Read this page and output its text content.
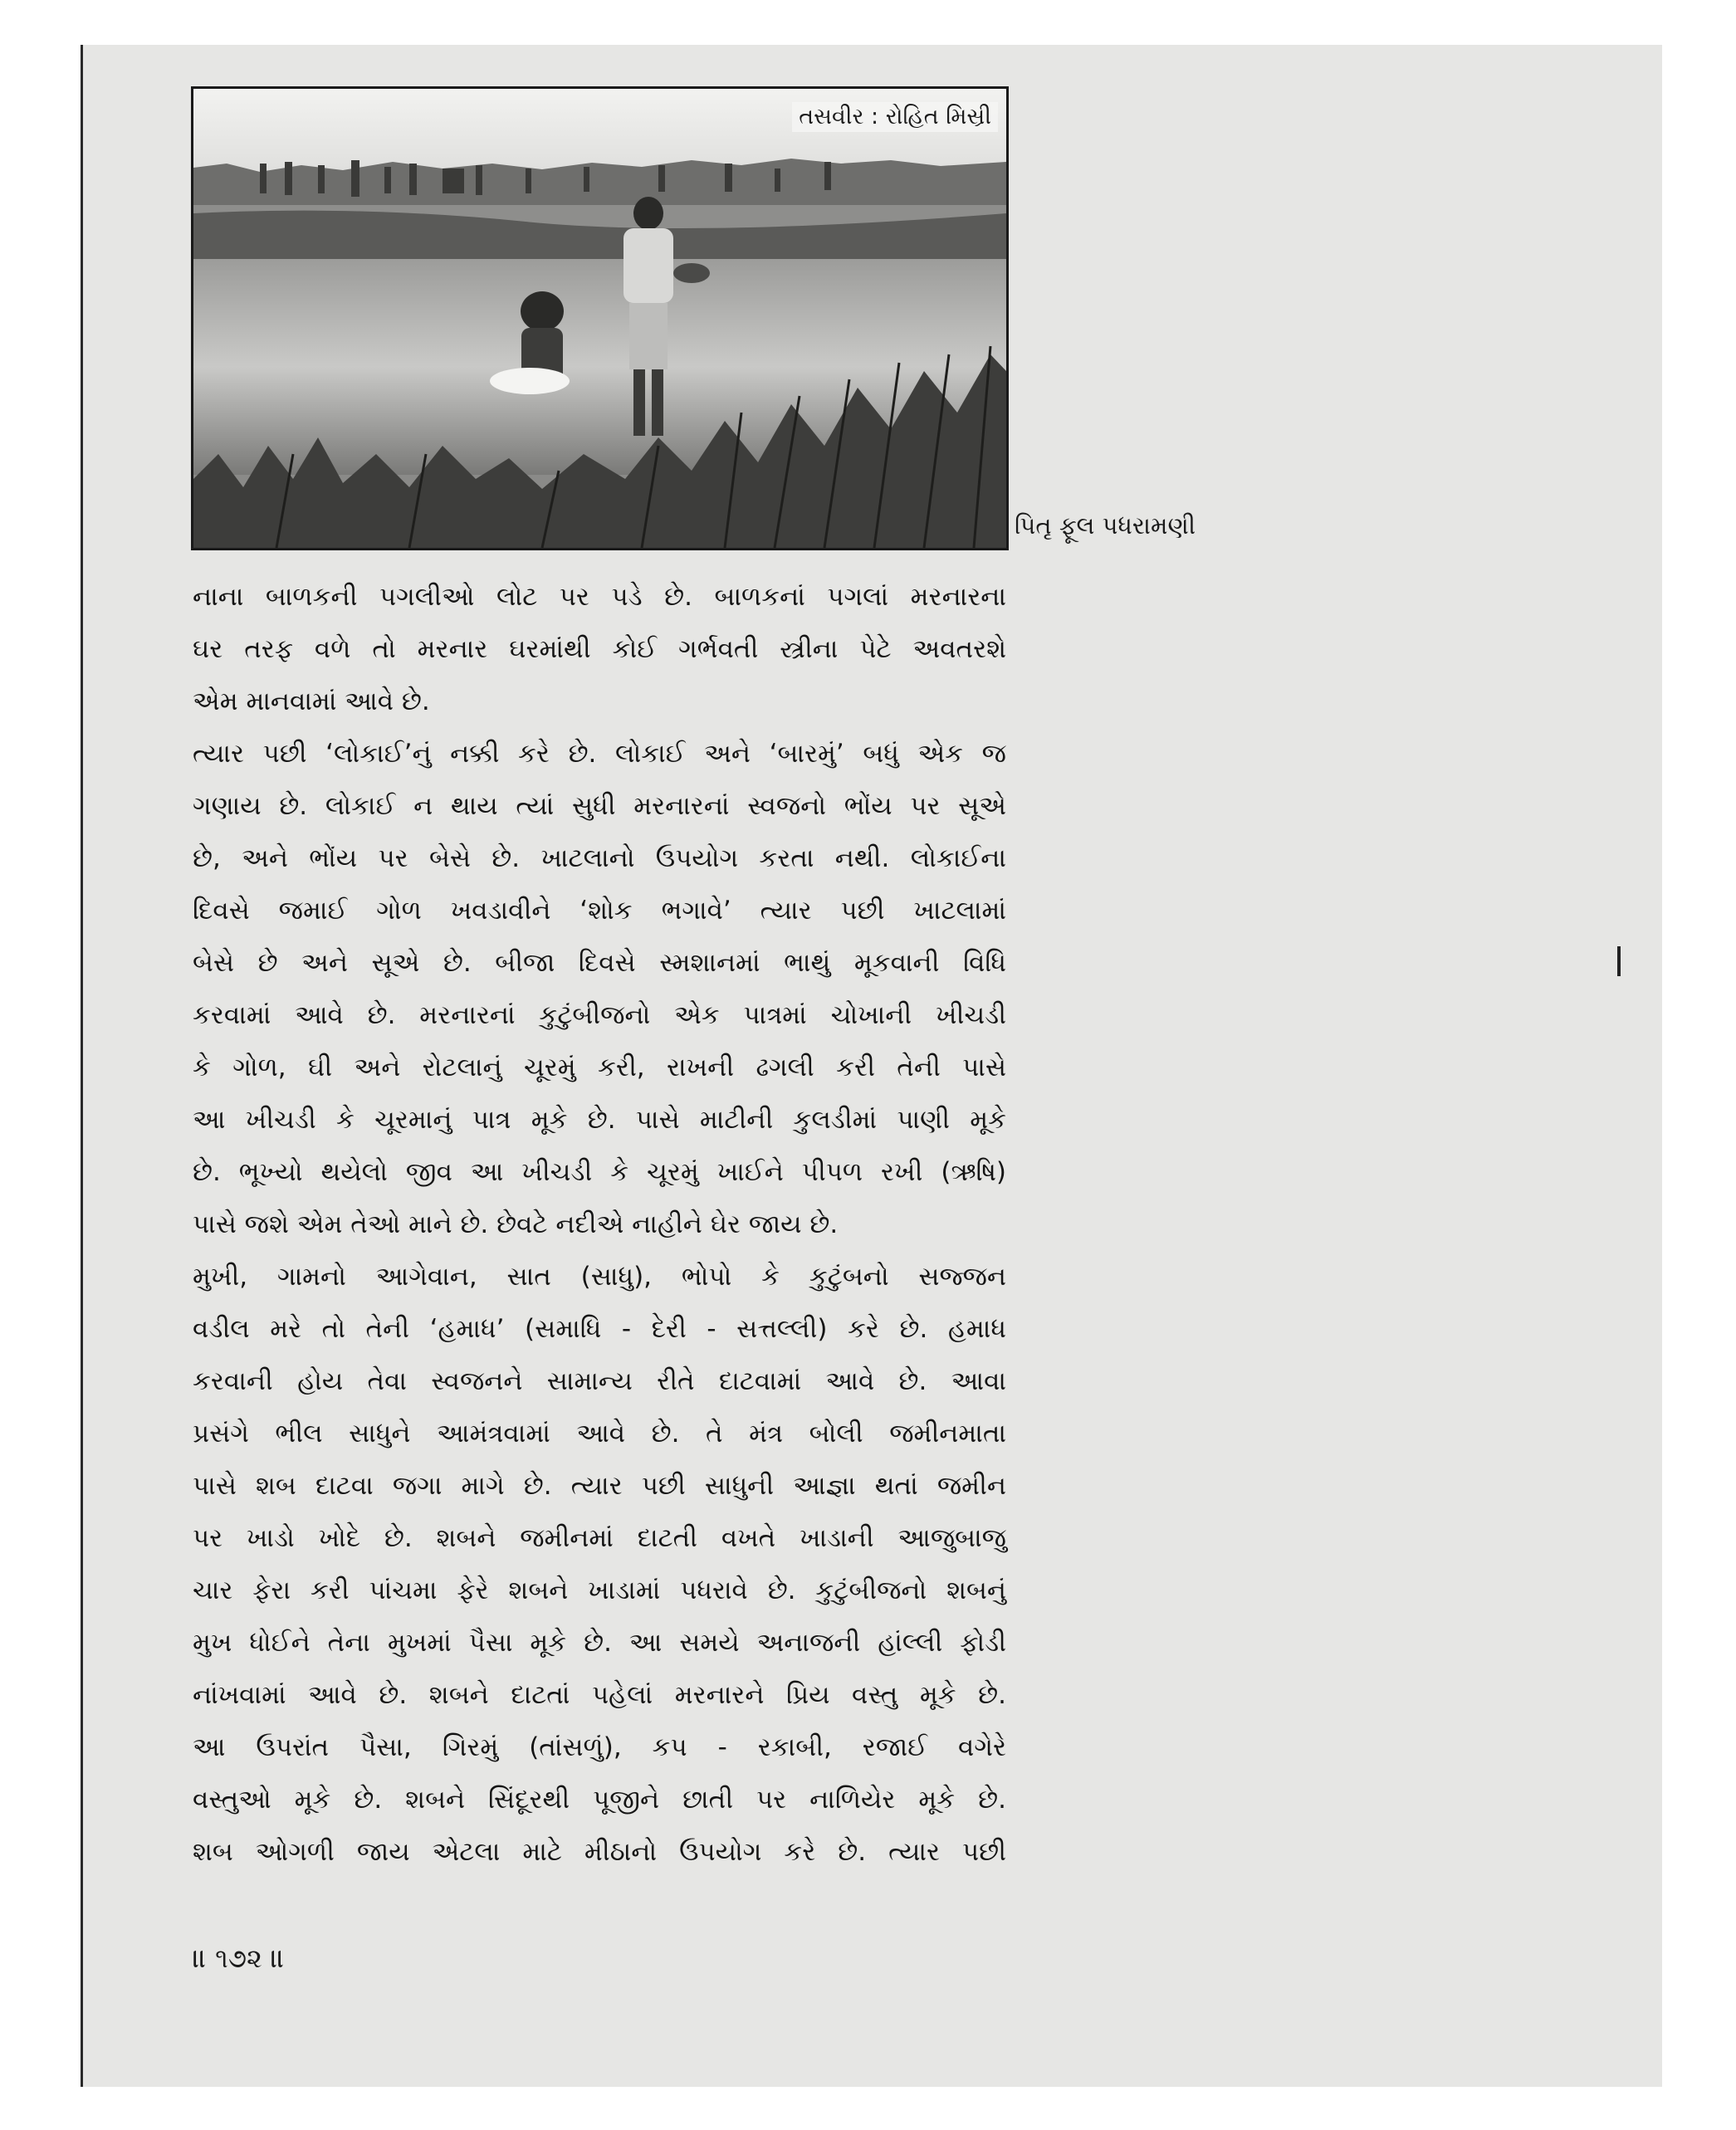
તસવીર : રોહિત મિસ્રી
પિતૃ ફૂલ પધરામણી
નાના બાળકની પગલીઓ લોટ પર પડે છે. બાળકનાં પગલાં મરનારના
ઘર તરફ વળે તો મરનાર ઘરમાંથી કોઈ ગર્ભવતી સ્ત્રીના પેટે અવતરશે
એમ માનવામાં આવે છે.
ત્યાર પછી ‘લોકાઈ’નું નક્કી કરે છે. લોકાઈ અને ‘બારમું’ બધું એક જ
ગણાય છે. લોકાઈ ન થાય ત્યાં સુધી મરનારનાં સ્વજનો ભોંય પર સૂએ
છે, અને ભોંય પર બેસે છે. ખાટલાનો ઉપયોગ કરતા નથી. લોકાઈના
દિવસે જમાઈ ગોળ ખવડાવીને ‘શોક ભગાવે’ ત્યાર પછી ખાટલામાં
બેસે છે અને સૂએ છે. બીજા દિવસે સ્મશાનમાં ભાથું મૂકવાની વિધિ
કરવામાં આવે છે. મરનારનાં કુટુંબીજનો એક પાત્રમાં ચોખાની ખીચડી
કે ગોળ, ઘી અને રોટલાનું ચૂરમું કરી, રાખની ઢગલી કરી તેની પાસે
આ ખીચડી કે ચૂરમાનું પાત્ર મૂકે છે. પાસે માટીની કુલડીમાં પાણી મૂકે
છે. ભૂખ્યો થયેલો જીવ આ ખીચડી કે ચૂરમું ખાઈને પીપળ રખી (ઋષિ)
પાસે જશે એમ તેઓ માને છે. છેવટે નદીએ નાહીને ઘેર જાય છે.
મુખી, ગામનો આગેવાન, સાત (સાધુ), ભોપો કે કુટુંબનો સજ્જન
વડીલ મરે તો તેની ‘હમાધ’ (સમાધિ - દેરી - સત્તલ્લી) કરે છે. હમાધ
કરવાની હોય તેવા સ્વજનને સામાન્ય રીતે દાટવામાં આવે છે. આવા
પ્રસંગે ભીલ સાધુને આમંત્રવામાં આવે છે. તે મંત્ર બોલી જમીનમાતા
પાસે શબ દાટવા જગા માગે છે. ત્યાર પછી સાધુની આજ્ઞા થતાં જમીન
પર ખાડો ખોદે છે. શબને જમીનમાં દાટતી વખતે ખાડાની આજુબાજુ
ચાર ફેરા કરી પાંચમા ફેરે શબને ખાડામાં પધરાવે છે. કુટુંબીજનો શબનું
મુખ ધોઈને તેના મુખમાં પૈસા મૂકે છે. આ સમયે અનાજની હાંલ્લી ફોડી
નાંખવામાં આવે છે. શબને દાટતાં પહેલાં મરનારને પ્રિય વસ્તુ મૂકે છે.
આ ઉપરાંત પૈસા, ગિરમું (તાંસળું), કપ - રકાબી, રજાઈ વગેરે
વસ્તુઓ મૂકે છે. શબને સિંદૂરથી પૂજીને છાતી પર નાળિયેર મૂકે છે.
શબ ઓગળી જાય એટલા માટે મીઠાનો ઉપયોગ કરે છે. ત્યાર પછી
॥ ૧૭૨ ॥
